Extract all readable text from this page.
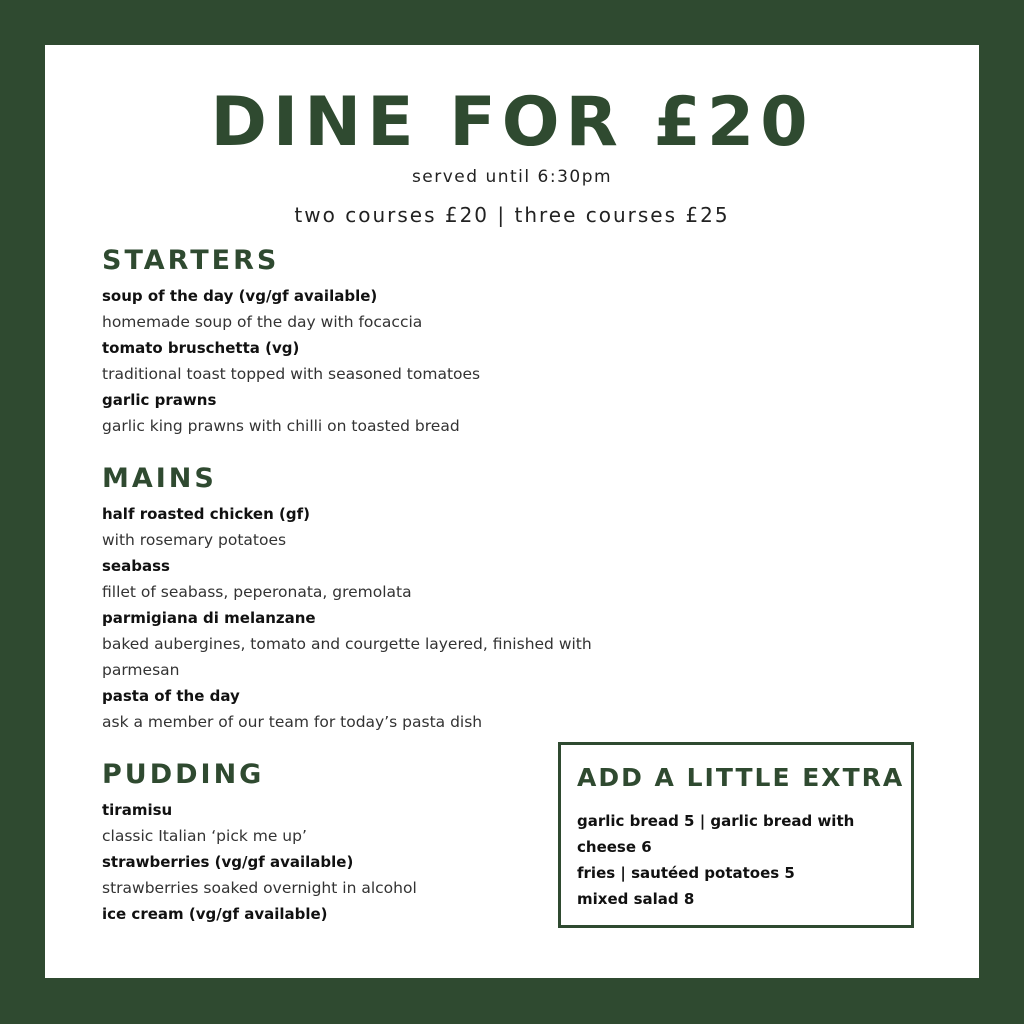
DINE FOR £20

served until 6:30pm

two courses £20 | three courses £25

STARTERS

soup of the day (vg/gf available)

homemade soup of the day with focaccia

tomato bruschetta (vg)

traditional toast topped with seasoned tomatoes

garlic prawns

garlic king prawns with chilli on toasted bread

MAINS

half roasted chicken (gf)

with rosemary potatoes

seabass

fillet of seabass, peperonata, gremolata

parmigiana di melanzane

baked aubergines, tomato and courgette layered, finished with parmesan

pasta of the day

ask a member of our team for today’s pasta dish

PUDDING

tiramisu

classic Italian ‘pick me up’

strawberries (vg/gf available)

strawberries soaked overnight in alcohol

ice cream (vg/gf available)

ADD A LITTLE EXTRA

garlic bread 5 | garlic bread with cheese 6

fries | sautéed potatoes 5

mixed salad 8
